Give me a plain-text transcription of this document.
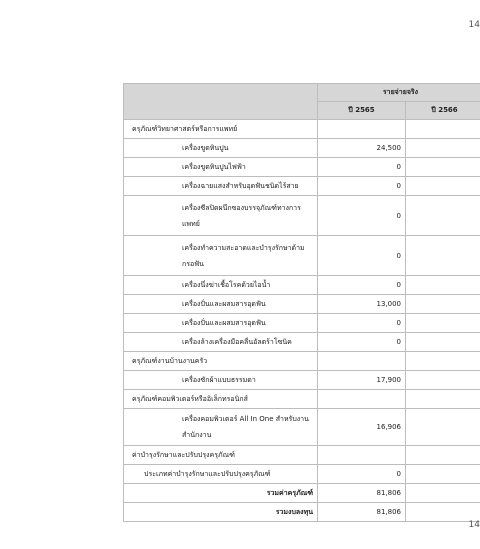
14
	รายจ่ายจริง	
	ปี 2565	ปี 2566
ครุภัณฑ์วิทยาศาสตร์หรือการแพทย์		
เครื่องขูดหินปูน	24,500	
เครื่องขูดหินปูนไฟฟ้า	0	
เครื่องฉายแสงสำหรับอุดฟันชนิดไร้สาย	0	
เครื่องซีลปิดผนึกซองบรรจุภัณฑ์ทางการแพทย์	0	
เครื่องทำความสะอาดและบำรุงรักษาด้ามกรอฟัน	0	
เครื่องนึ่งฆ่าเชื้อโรคด้วยไอน้ำ	0	
เครื่องปั่นและผสมสารอุดฟัน	13,000	
เครื่องปั่นและผสมสารอุดฟัน	0	
เครื่องล้างเครื่องมือคลื่นอัลตร้าโซนิค	0	
ครุภัณฑ์งานบ้านงานครัว		
เครื่องซักผ้าแบบธรรมดา	17,900	
ครุภัณฑ์คอมพิวเตอร์หรืออิเล็กทรอนิกส์		
เครื่องคอมพิวเตอร์ All In One สำหรับงานสำนักงาน	16,906	
ค่าบำรุงรักษาและปรับปรุงครุภัณฑ์		
ประเภทค่าบำรุงรักษาและปรับปรุงครุภัณฑ์	0	
รวมค่าครุภัณฑ์	81,806	
รวมงบลงทุน	81,806	
14
